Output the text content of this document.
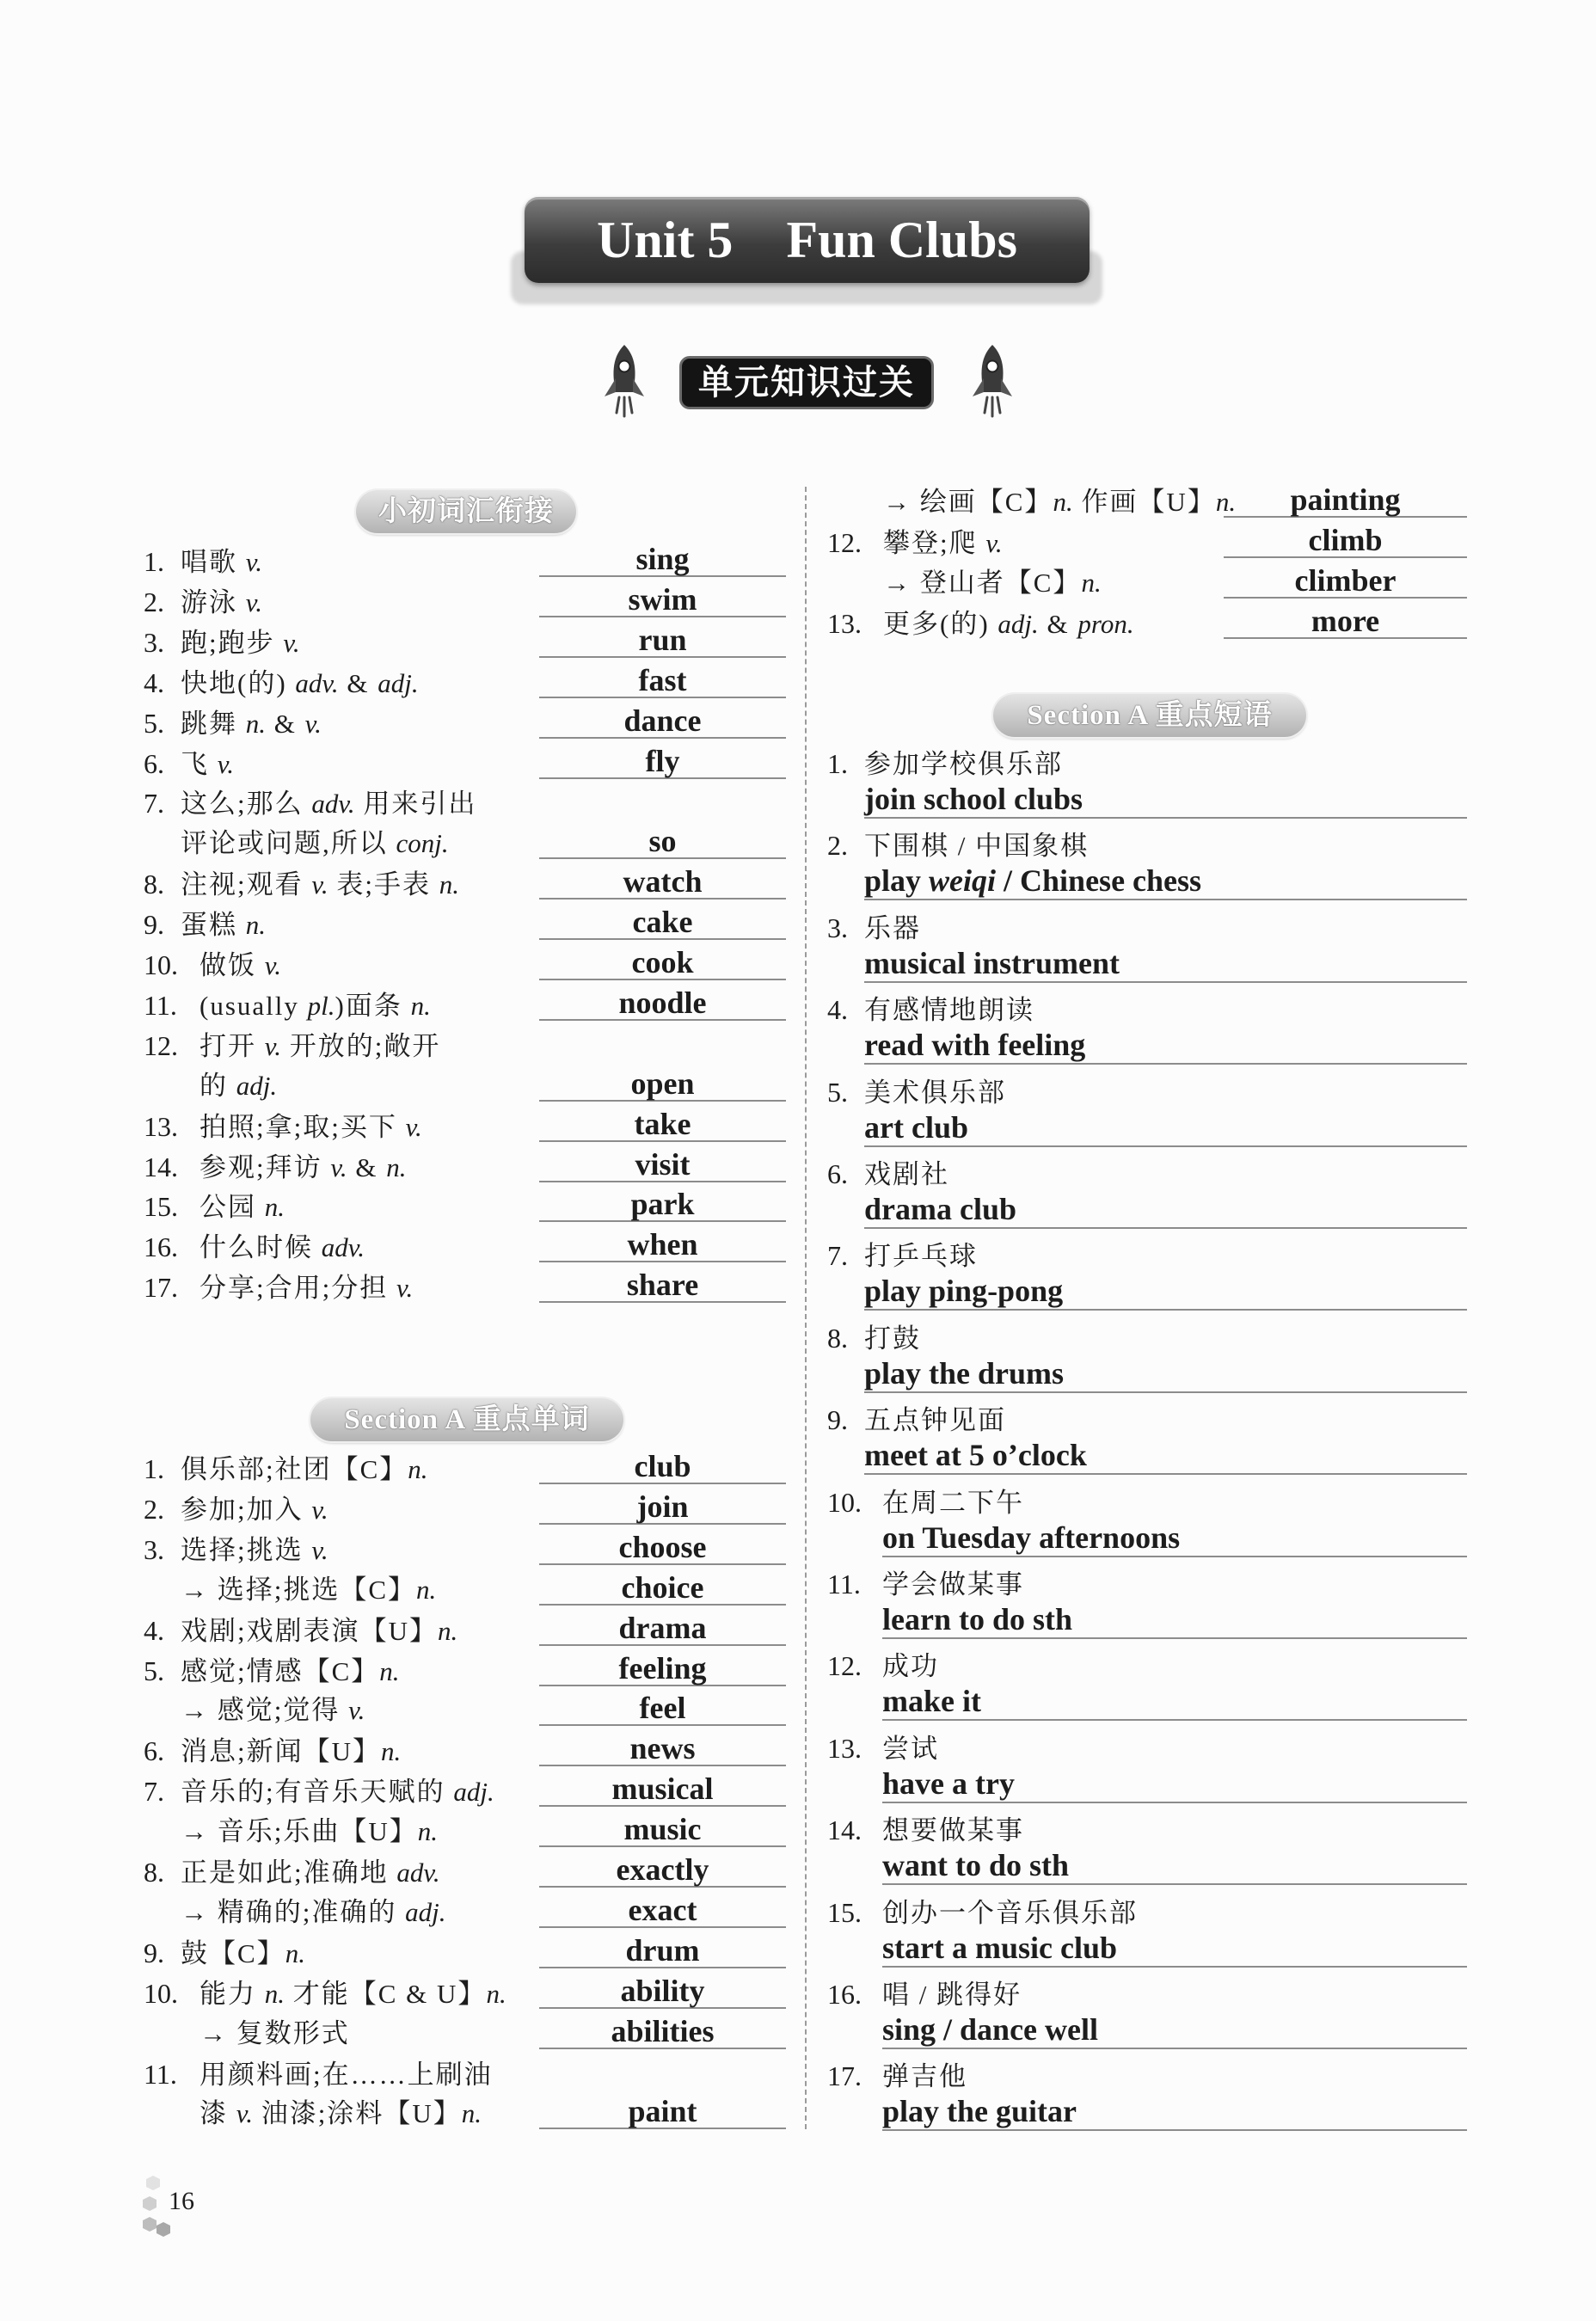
Unit 5 Fun Clubs
单元知识过关
小初词汇衔接
Section A 重点单词
Section A 重点短语
1. 唱歌 v.	sing
2. 游泳 v.	swim
3. 跑;跑步 v.	run
4. 快地(的) adv. & adj.	fast
5. 跳舞 n. & v.	dance
6. 飞 v.	fly
7. 这么;那么 adv. 用来引出
评论或问题,所以 conj.	so
8. 注视;观看 v. 表;手表 n.	watch
9. 蛋糕 n.	cake
10. 做饭 v.	cook
11. (usually pl.)面条 n.	noodle
12. 打开 v. 开放的;敞开
的 adj.	open
13. 拍照;拿;取;买下 v.	take
14. 参观;拜访 v. & n.	visit
15. 公园 n.	park
16. 什么时候 adv.	when
17. 分享;合用;分担 v.	share
1. 俱乐部;社团【C】n.	club
2. 参加;加入 v.	join
3. 选择;挑选 v.	choose
→ 选择;挑选【C】n.	choice
4. 戏剧;戏剧表演【U】n.	drama
5. 感觉;情感【C】n.	feeling
→ 感觉;觉得 v.	feel
6. 消息;新闻【U】n.	news
7. 音乐的;有音乐天赋的 adj.	musical
→ 音乐;乐曲【U】n.	music
8. 正是如此;准确地 adv.	exactly
→ 精确的;准确的 adj.	exact
9. 鼓【C】n.	drum
10. 能力 n. 才能【C & U】n.	ability
→ 复数形式	abilities
11. 用颜料画;在……上刷油
漆 v. 油漆;涂料【U】n.	paint
→ 绘画【C】n. 作画【U】n.	painting
12. 攀登;爬 v.	climb
→ 登山者【C】n.	climber
13. 更多(的) adj. & pron.	more
1. 参加学校俱乐部
join school clubs
2. 下围棋 / 中国象棋
play weiqi / Chinese chess
3. 乐器
musical instrument
4. 有感情地朗读
read with feeling
5. 美术俱乐部
art club
6. 戏剧社
drama club
7. 打乒乓球
play ping-pong
8. 打鼓
play the drums
9. 五点钟见面
meet at 5 o’clock
10. 在周二下午
on Tuesday afternoons
11. 学会做某事
learn to do sth
12. 成功
make it
13. 尝试
have a try
14. 想要做某事
want to do sth
15. 创办一个音乐俱乐部
start a music club
16. 唱 / 跳得好
sing / dance well
17. 弹吉他
play the guitar
16
